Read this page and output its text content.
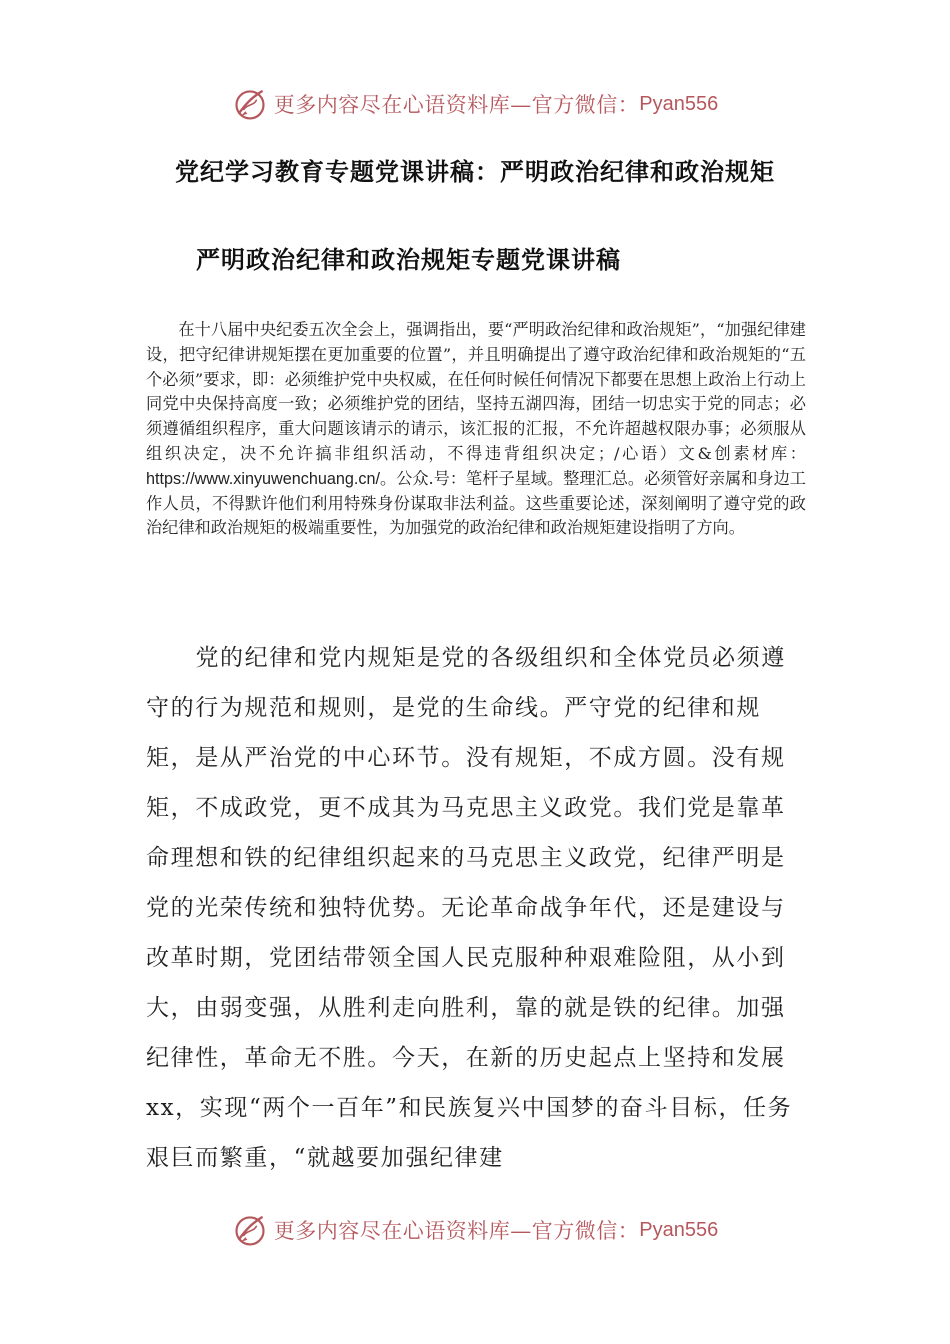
更多内容尽在心语资料库—官方微信： Pyan556
党纪学习教育专题党课讲稿：严明政治纪律和政治规矩
严明政治纪律和政治规矩专题党课讲稿

在十八届中央纪委五次全会上，强调指出，要“严明政治纪律和政治规矩”，“加强纪律建设，把守纪律讲规矩摆在更加重要的位置”，并且明确提出了遵守政治纪律和政治规矩的“五个必须”要求，即：必须维护党中央权威，在任何时候任何情况下都要在思想上政治上行动上同党中央保持高度一致；必须维护党的团结，坚持五湖四海，团结一切忠实于党的同志；必须遵循组织程序，重大问题该请示的请示，该汇报的汇报，不允许超越权限办事；必须服从组织决定，决不允许搞非组织活动，不得违背组织决定；/心语）文&创素材库：https://www.xinyuwenchuang.cn/。公众.号：笔杆子星域。整理汇总。必须管好亲属和身边工作人员，不得默许他们利用特殊身份谋取非法利益。这些重要论述，深刻阐明了遵守党的政治纪律和政治规矩的极端重要性，为加强党的政治纪律和政治规矩建设指明了方向。

党的纪律和党内规矩是党的各级组织和全体党员必须遵守的行为规范和规则，是党的生命线。严守党的纪律和规矩，是从严治党的中心环节。没有规矩，不成方圆。没有规矩，不成政党，更不成其为马克思主义政党。我们党是靠革命理想和铁的纪律组织起来的马克思主义政党，纪律严明是党的光荣传统和独特优势。无论革命战争年代，还是建设与改革时期，党团结带领全国人民克服种种艰难险阻，从小到大，由弱变强，从胜利走向胜利，靠的就是铁的纪律。加强纪律性，革命无不胜。今天，在新的历史起点上坚持和发展xx，实现“两个一百年”和民族复兴中国梦的奋斗目标，任务艰巨而繁重，“就越要加强纪律建

更多内容尽在心语资料库—官方微信： Pyan556
